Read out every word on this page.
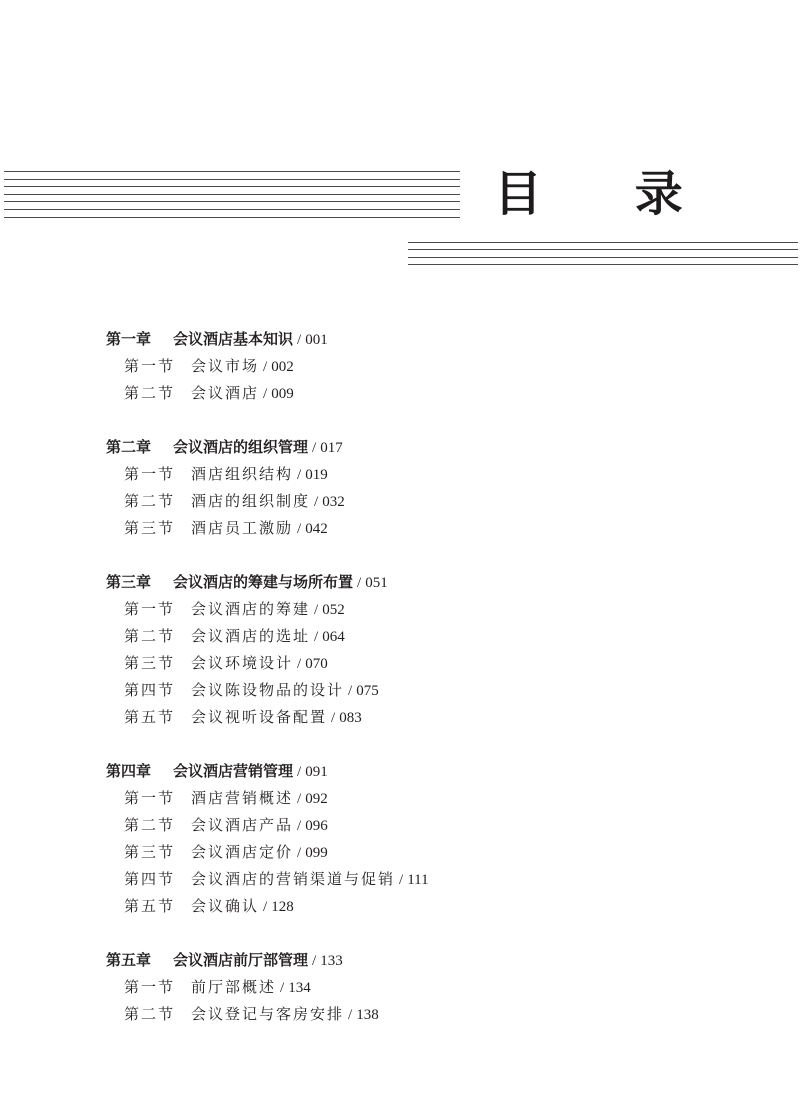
目 录
第一章 会议酒店基本知识 / 001
第一节 会议市场 / 002
第二节 会议酒店 / 009
第二章 会议酒店的组织管理 / 017
第一节 酒店组织结构 / 019
第二节 酒店的组织制度 / 032
第三节 酒店员工激励 / 042
第三章 会议酒店的筹建与场所布置 / 051
第一节 会议酒店的筹建 / 052
第二节 会议酒店的选址 / 064
第三节 会议环境设计 / 070
第四节 会议陈设物品的设计 / 075
第五节 会议视听设备配置 / 083
第四章 会议酒店营销管理 / 091
第一节 酒店营销概述 / 092
第二节 会议酒店产品 / 096
第三节 会议酒店定价 / 099
第四节 会议酒店的营销渠道与促销 / 111
第五节 会议确认 / 128
第五章 会议酒店前厅部管理 / 133
第一节 前厅部概述 / 134
第二节 会议登记与客房安排 / 138
